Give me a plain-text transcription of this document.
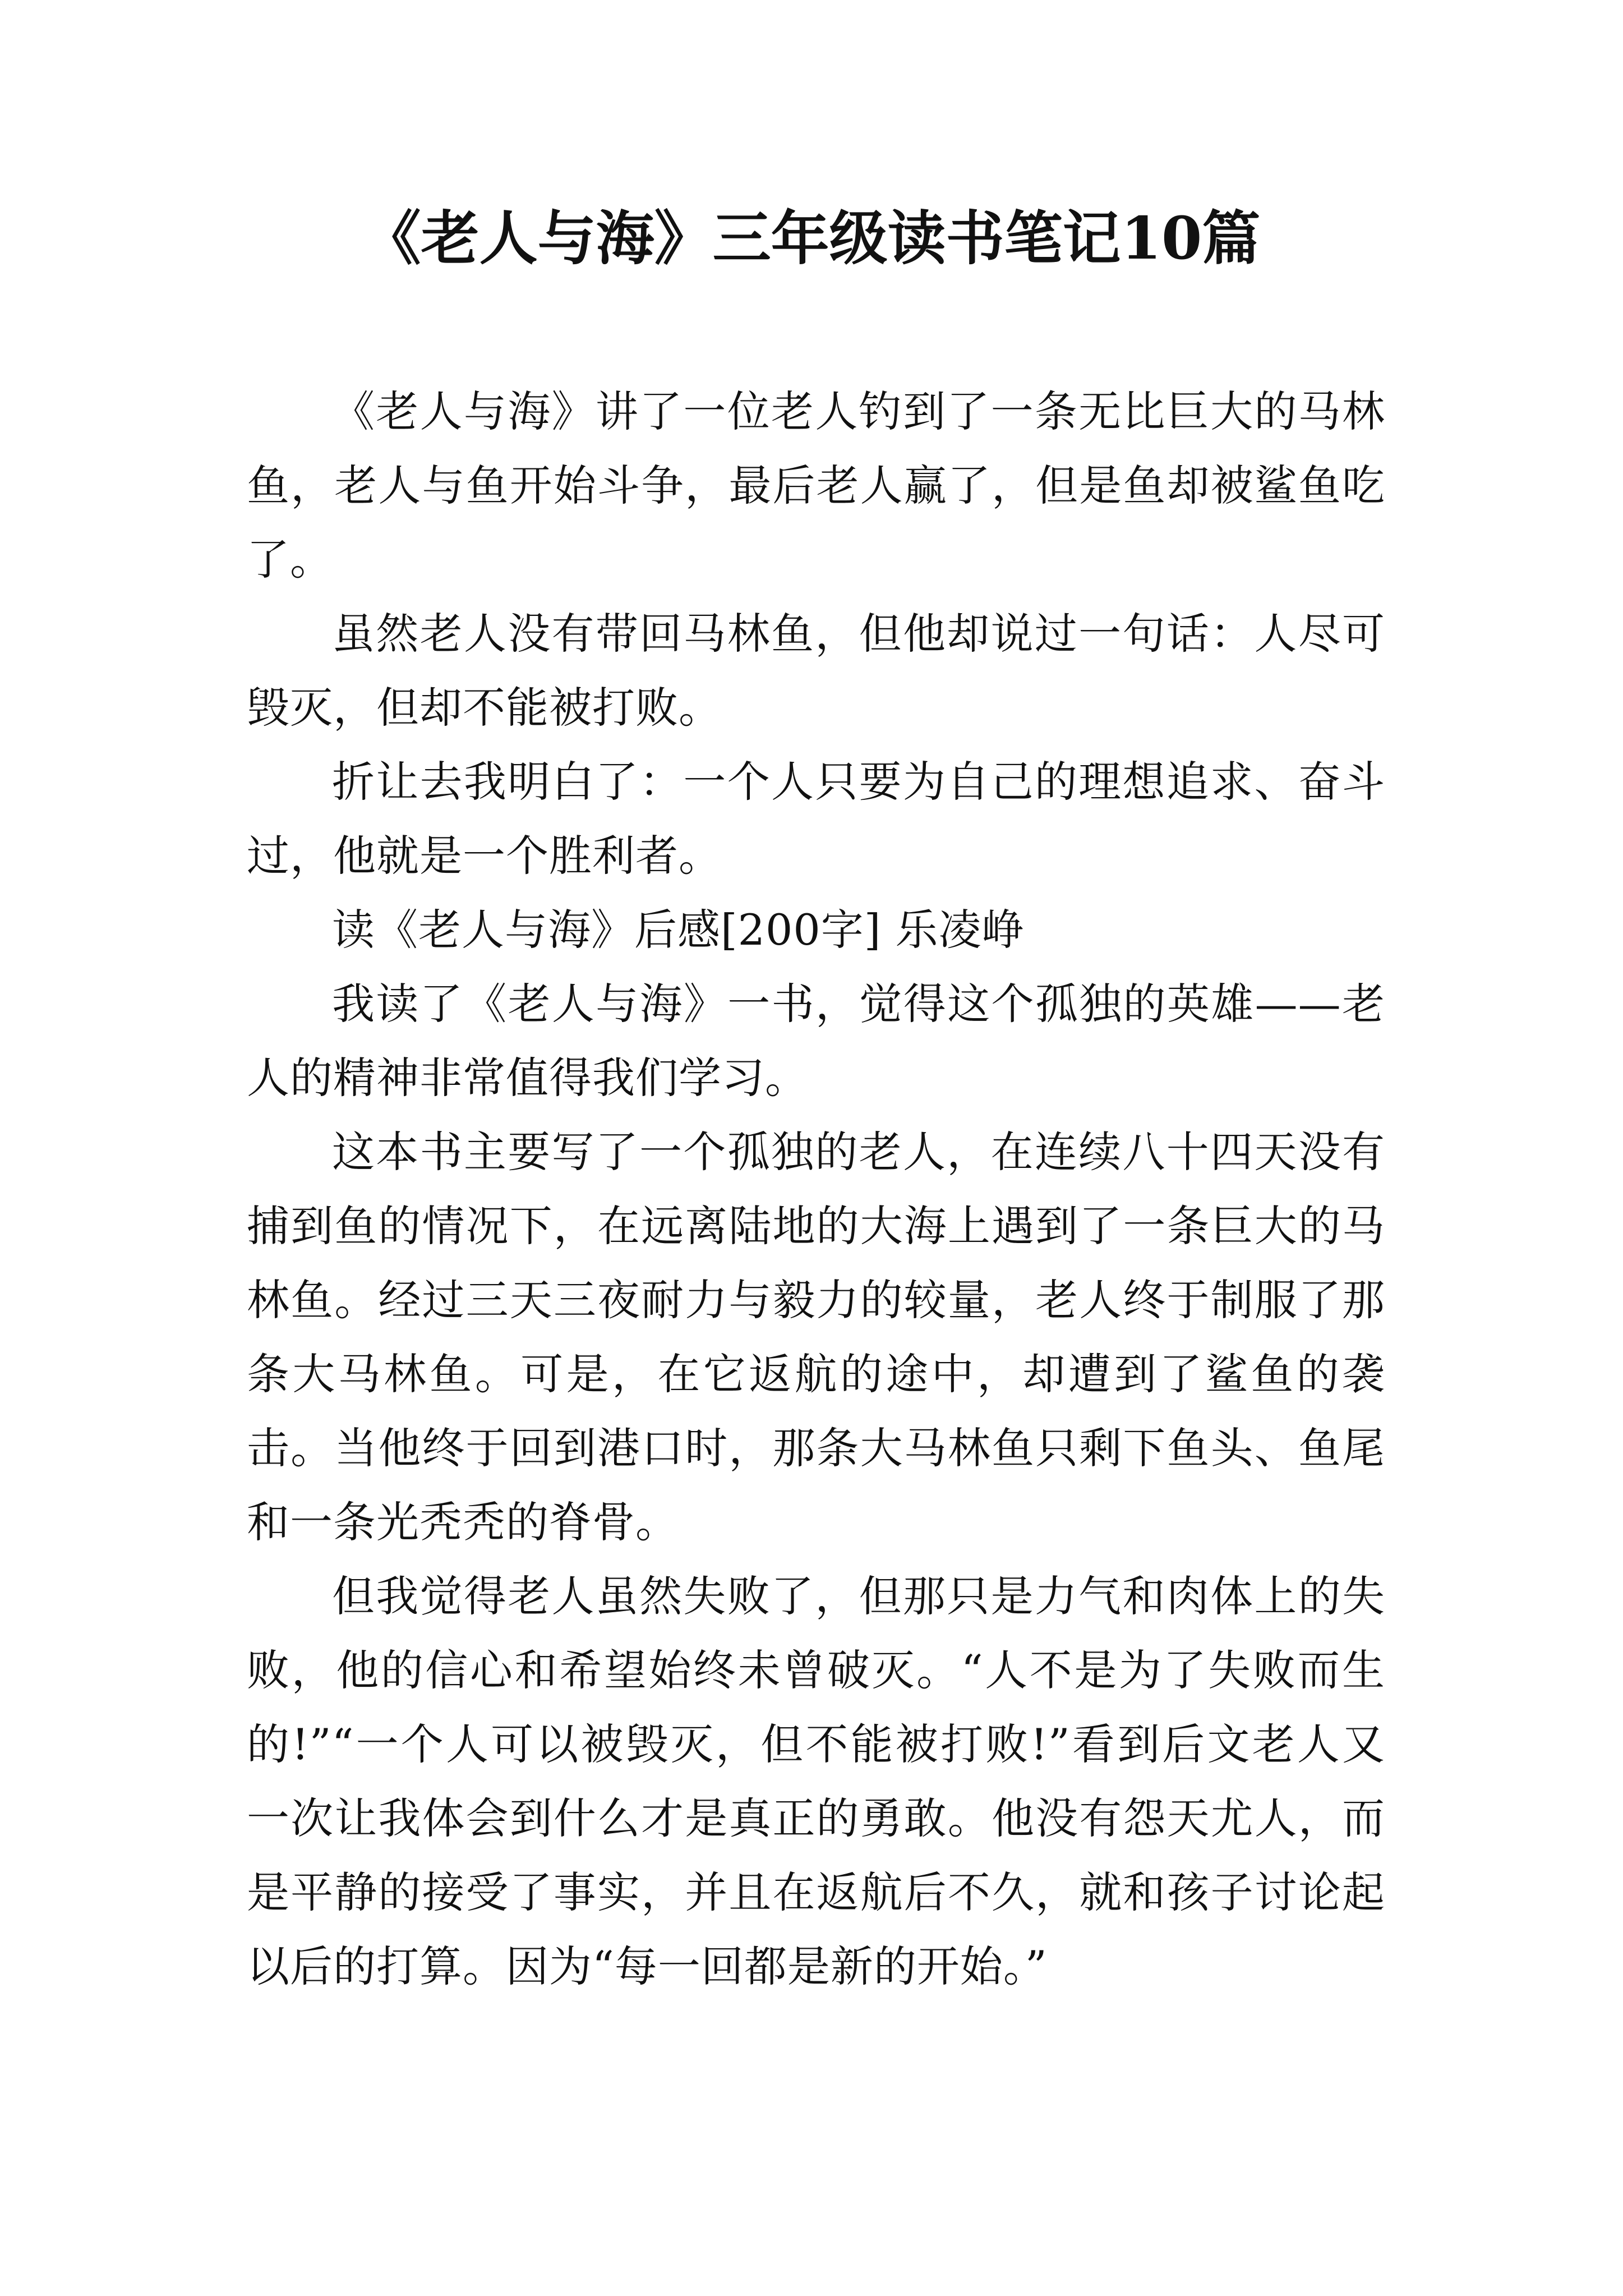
《老人与海》三年级读书笔记10篇

《老人与海》讲了一位老人钓到了一条无比巨大的马林鱼，老人与鱼开始斗争，最后老人赢了，但是鱼却被鲨鱼吃了。

虽然老人没有带回马林鱼，但他却说过一句话：人尽可毁灭，但却不能被打败。

折让去我明白了：一个人只要为自己的理想追求、奋斗过，他就是一个胜利者。

读《老人与海》后感[200字] 乐凌峥

我读了《老人与海》一书，觉得这个孤独的英雄——老人的精神非常值得我们学习。

这本书主要写了一个孤独的老人，在连续八十四天没有捕到鱼的情况下，在远离陆地的大海上遇到了一条巨大的马林鱼。经过三天三夜耐力与毅力的较量，老人终于制服了那条大马林鱼。可是，在它返航的途中，却遭到了鲨鱼的袭击。当他终于回到港口时，那条大马林鱼只剩下鱼头、鱼尾和一条光秃秃的脊骨。

但我觉得老人虽然失败了，但那只是力气和肉体上的失败，他的信心和希望始终未曾破灭。“人不是为了失败而生的!”“一个人可以被毁灭，但不能被打败!”看到后文老人又一次让我体会到什么才是真正的勇敢。他没有怨天尤人，而是平静的接受了事实，并且在返航后不久，就和孩子讨论起以后的打算。因为“每一回都是新的开始。”
